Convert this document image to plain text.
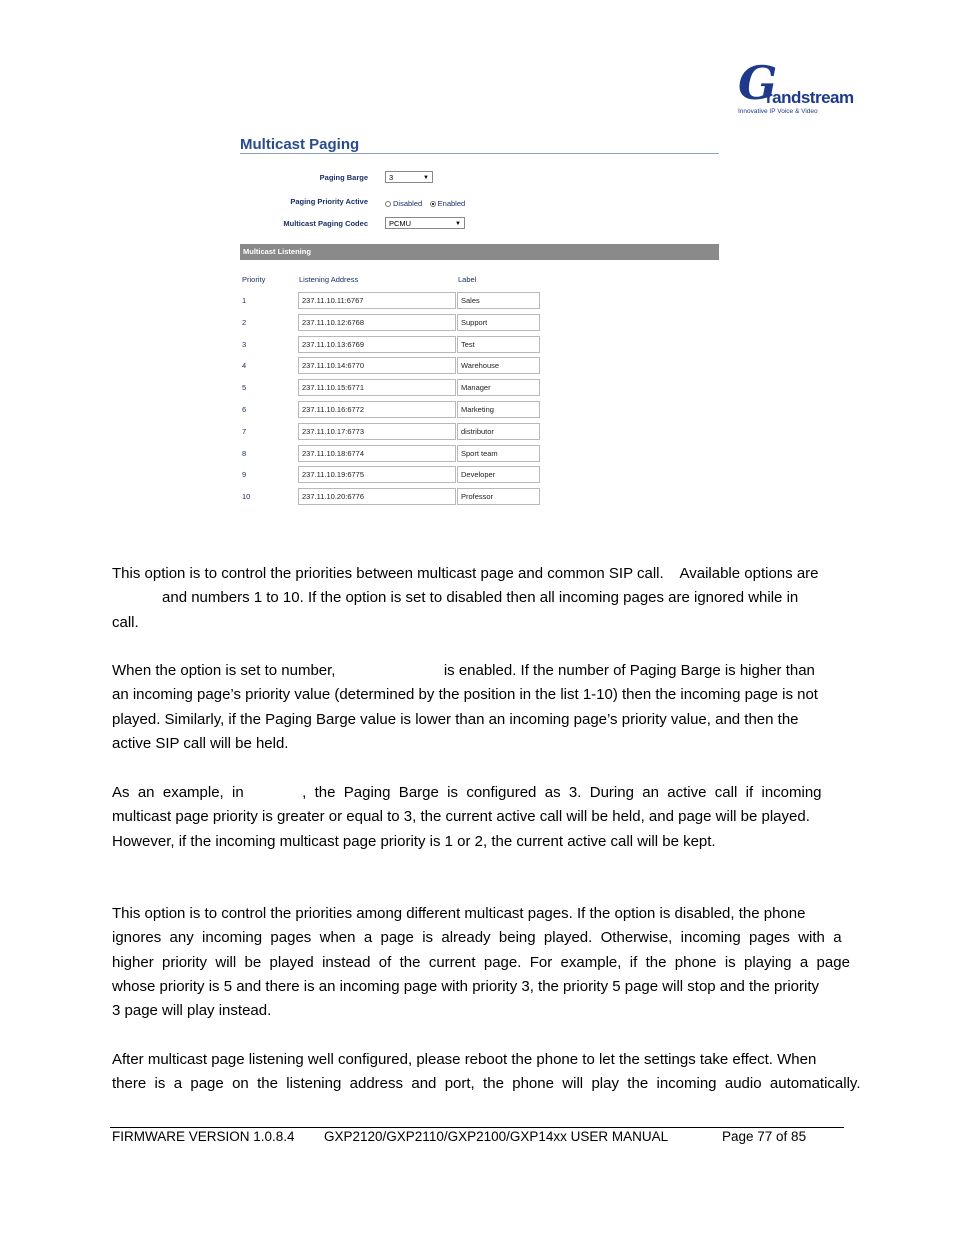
G
randstream
Innovative IP Voice & Video
Multicast Paging
Paging Barge	3	▼
Paging Priority Active	Disabled Enabled
Multicast Paging Codec	PCMU	▼
Multicast Listening
Priority	Listening Address	Label
1	237.11.10.11:6767	Sales
2	237.11.10.12:6768	Support
3	237.11.10.13:6769	Test
4	237.11.10.14:6770	Warehouse
5	237.11.10.15:6771	Manager
6	237.11.10.16:6772	Marketing
7	237.11.10.17:6773	distributor
8	237.11.10.18:6774	Sport team
9	237.11.10.19:6775	Developer
10	237.11.10.20:6776	Professor
This option is to control the priorities between multicast page and common SIP call.    Available options are
and numbers 1 to 10. If the option is set to disabled then all incoming pages are ignored while in
call.
When the option is set to number,                          is enabled. If the number of Paging Barge is higher than
an incoming page’s priority value (determined by the position in the list 1-10) then the incoming page is not
played. Similarly, if the Paging Barge value is lower than an incoming page’s priority value, and then the
active SIP call will be held.
As  an  example,  in              ,  the  Paging  Barge  is  configured  as  3.  During  an  active  call  if  incoming
multicast page priority is greater or equal to 3, the current active call will be held, and page will be played.
However, if the incoming multicast page priority is 1 or 2, the current active call will be kept.
This option is to control the priorities among different multicast pages. If the option is disabled, the phone
ignores  any  incoming  pages  when  a  page  is  already  being  played.  Otherwise,  incoming  pages  with  a
higher  priority  will  be  played  instead  of  the  current  page.  For  example,  if  the  phone  is  playing  a  page
whose priority is 5 and there is an incoming page with priority 3, the priority 5 page will stop and the priority
3 page will play instead.
After multicast page listening well configured, please reboot the phone to let the settings take effect. When
there  is  a  page  on  the  listening  address  and  port,  the  phone  will  play  the  incoming  audio  automatically.
FIRMWARE VERSION 1.0.8.4 GXP2120/GXP2110/GXP2100/GXP14xx USER MANUAL	Page 77 of 85
